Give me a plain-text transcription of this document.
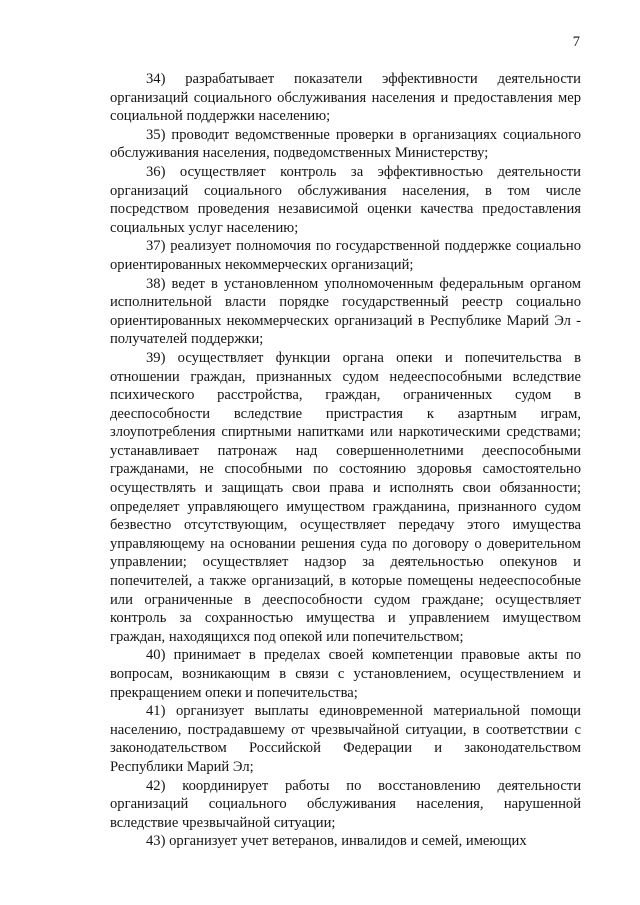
7

34) разрабатывает показатели эффективности деятельности организаций социального обслуживания населения и предоставления мер социальной поддержки населению;

35) проводит ведомственные проверки в организациях социального обслуживания населения, подведомственных Министерству;

36) осуществляет контроль за эффективностью деятельности организаций социального обслуживания населения, в том числе посредством проведения независимой оценки качества предоставления социальных услуг населению;

37) реализует полномочия по государственной поддержке социально ориентированных некоммерческих организаций;

38) ведет в установленном уполномоченным федеральным органом исполнительной власти порядке государственный реестр социально ориентированных некоммерческих организаций в Республике Марий Эл - получателей поддержки;

39) осуществляет функции органа опеки и попечительства в отношении граждан, признанных судом недееспособными вследствие психического расстройства, граждан, ограниченных судом в дееспособности вследствие пристрастия к азартным играм, злоупотребления спиртными напитками или наркотическими средствами; устанавливает патронаж над совершеннолетними дееспособными гражданами, не способными по состоянию здоровья самостоятельно осуществлять и защищать свои права и исполнять свои обязанности; определяет управляющего имуществом гражданина, признанного судом безвестно отсутствующим, осуществляет передачу этого имущества управляющему на основании решения суда по договору о доверительном управлении; осуществляет надзор за деятельностью опекунов и попечителей, а также организаций, в которые помещены недееспособные или ограниченные в дееспособности судом граждане; осуществляет контроль за сохранностью имущества и управлением имуществом граждан, находящихся под опекой или попечительством;

40) принимает в пределах своей компетенции правовые акты по вопросам, возникающим в связи с установлением, осуществлением и прекращением опеки и попечительства;

41) организует выплаты единовременной материальной помощи населению, пострадавшему от чрезвычайной ситуации, в соответствии с законодательством Российской Федерации и законодательством Республики Марий Эл;

42) координирует работы по восстановлению деятельности организаций социального обслуживания населения, нарушенной вследствие чрезвычайной ситуации;

43) организует учет ветеранов, инвалидов и семей, имеющих
